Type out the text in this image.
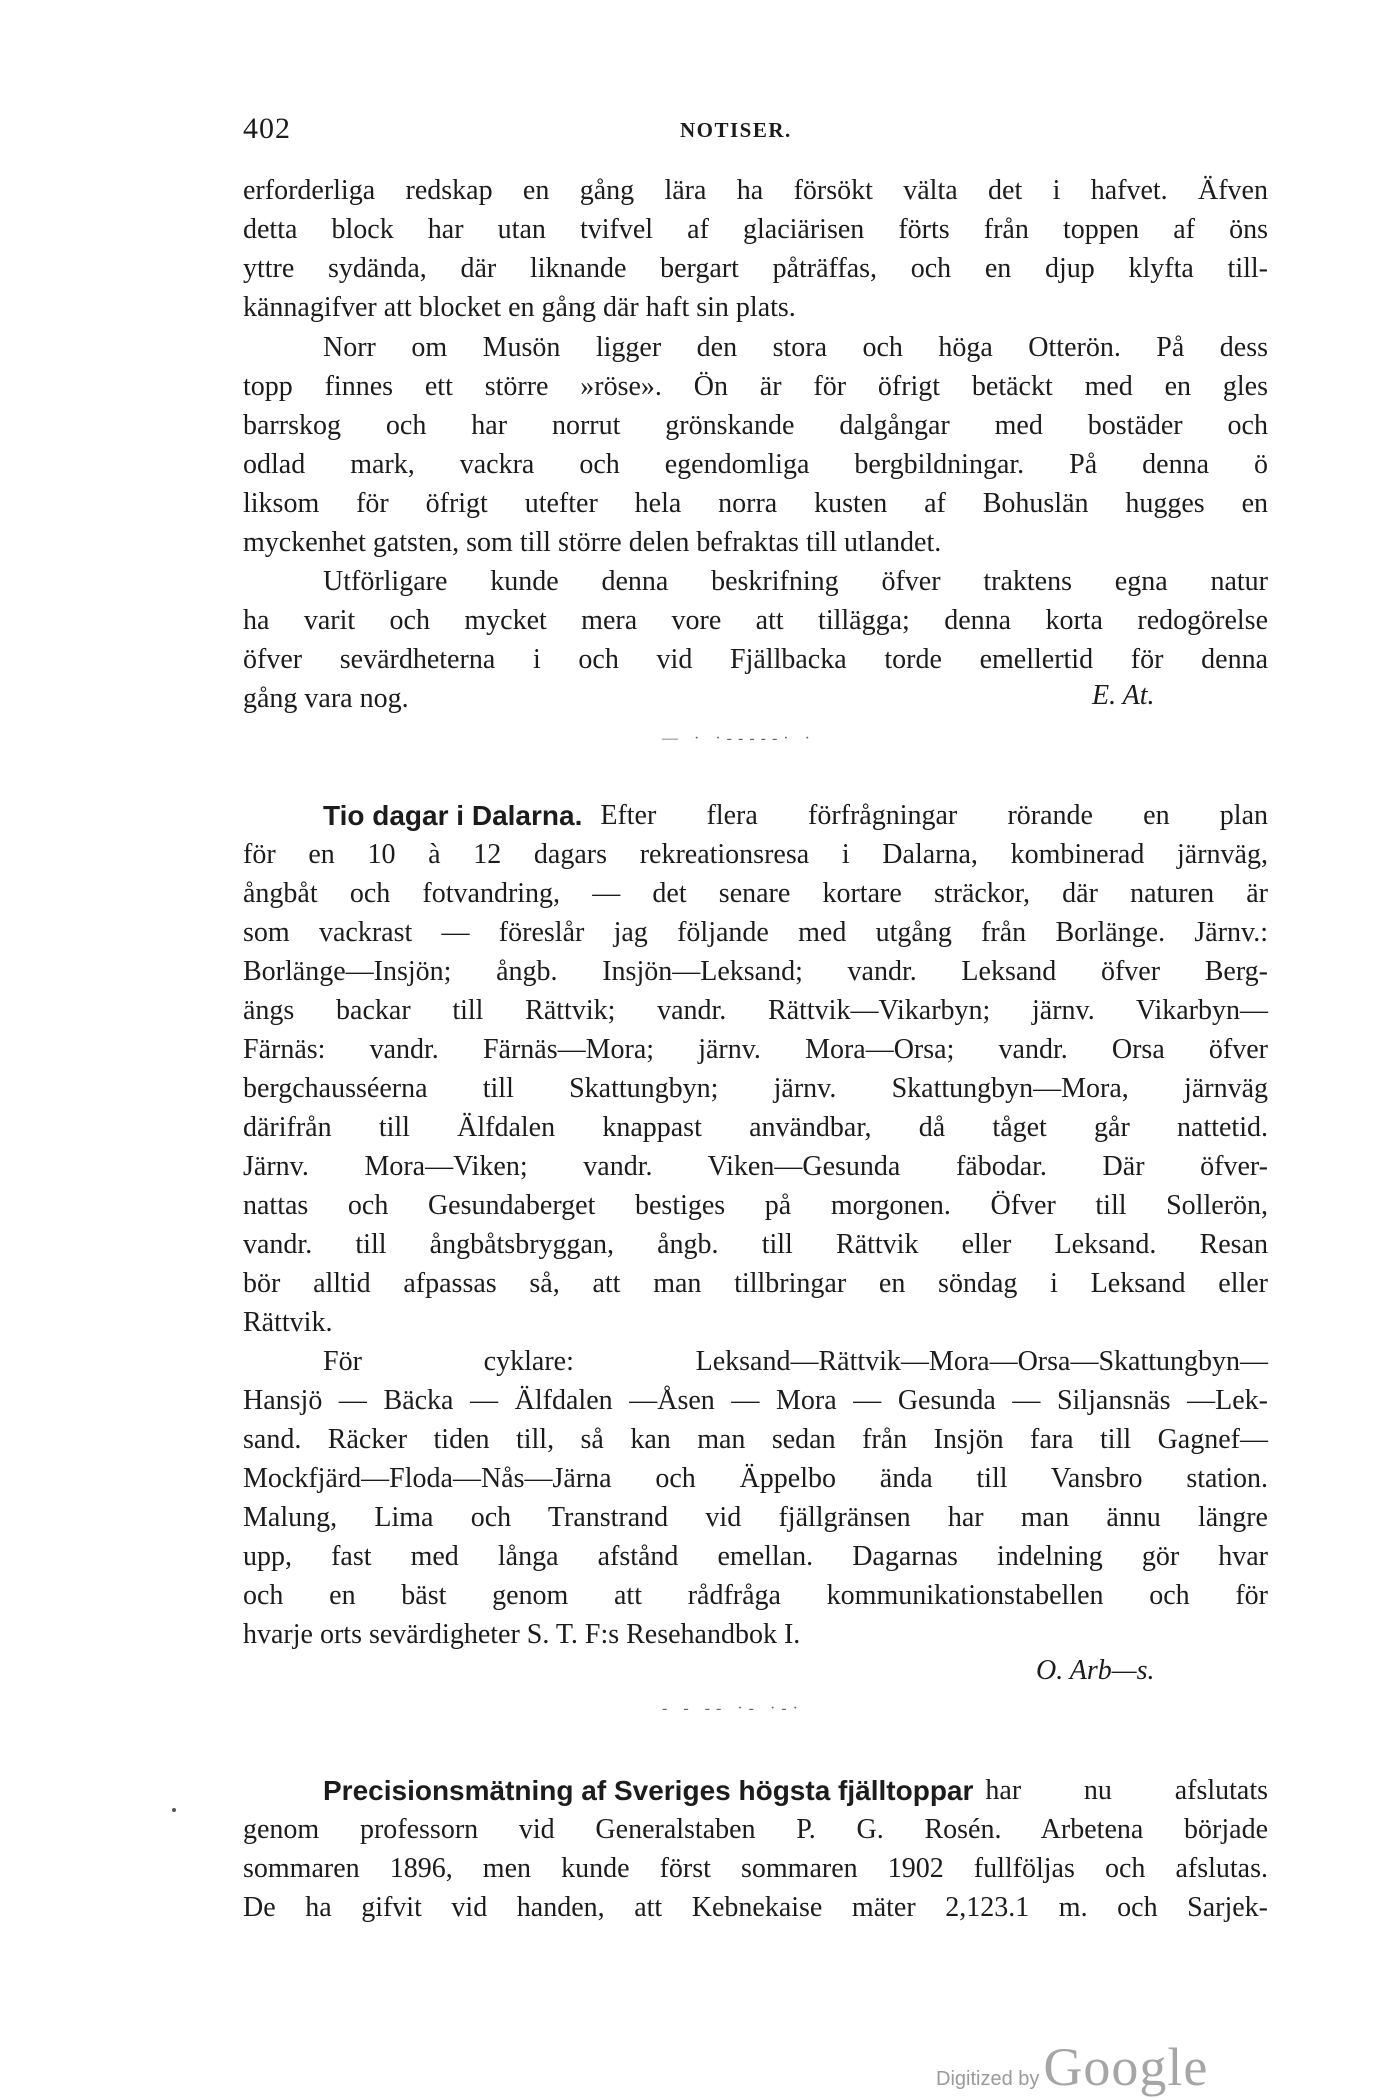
402	NOTISER.
erforderliga redskap en gång lära ha försökt välta det i hafvet. Äfven
detta block har utan tvifvel af glaciärisen förts från toppen af öns
yttre sydända, där liknande bergart påträffas, och en djup klyfta till-
kännagifver att blocket en gång där haft sin plats.
Norr om Musön ligger den stora och höga Otterön. På dess
topp finnes ett större »röse». Ön är för öfrigt betäckt med en gles
barrskog och har norrut grönskande dalgångar med bostäder och
odlad mark, vackra och egendomliga bergbildningar. På denna ö
liksom för öfrigt utefter hela norra kusten af Bohuslän hugges en
myckenhet gatsten, som till större delen befraktas till utlandet.
Utförligare kunde denna beskrifning öfver traktens egna natur
ha varit och mycket mera vore att tillägga; denna korta redogörelse
öfver sevärdheterna i och vid Fjällbacka torde emellertid för denna
gång vara nog.	E. At.
— · ·-----· ·
Tio dagar i Dalarna. Efter flera förfrågningar rörande en plan
för en 10 à 12 dagars rekreationsresa i Dalarna, kombinerad järnväg,
ångbåt och fotvandring, — det senare kortare sträckor, där naturen är
som vackrast — föreslår jag följande med utgång från Borlänge. Järnv.:
Borlänge—Insjön; ångb. Insjön—Leksand; vandr. Leksand öfver Berg-
ängs backar till Rättvik; vandr. Rättvik—Vikarbyn; järnv. Vikarbyn—
Färnäs: vandr. Färnäs—Mora; järnv. Mora—Orsa; vandr. Orsa öfver
bergchausséerna till Skattungbyn; järnv. Skattungbyn—Mora, järnväg
därifrån till Älfdalen knappast användbar, då tåget går nattetid.
Järnv. Mora—Viken; vandr. Viken—Gesunda fäbodar. Där öfver-
nattas och Gesundaberget bestiges på morgonen. Öfver till Sollerön,
vandr. till ångbåtsbryggan, ångb. till Rättvik eller Leksand. Resan
bör alltid afpassas så, att man tillbringar en söndag i Leksand eller
Rättvik.
För cyklare: Leksand—Rättvik—Mora—Orsa—Skattungbyn—
Hansjö — Bäcka — Älfdalen —Åsen — Mora — Gesunda — Siljansnäs —Lek-
sand. Räcker tiden till, så kan man sedan från Insjön fara till Gagnef—
Mockfjärd—Floda—Nås—Järna och Äppelbo ända till Vansbro station.
Malung, Lima och Transtrand vid fjällgränsen har man ännu längre
upp, fast med långa afstånd emellan. Dagarnas indelning gör hvar
och en bäst genom att rådfråga kommunikationstabellen och för
hvarje orts sevärdigheter S. T. F:s Resehandbok I.
O. Arb—s.
- - -- ·- ·-·
Precisionsmätning af Sveriges högsta fjälltoppar har nu afslutats
genom professorn vid Generalstaben P. G. Rosén. Arbetena började
sommaren 1896, men kunde först sommaren 1902 fullföljas och afslutas.
De ha gifvit vid handen, att Kebnekaise mäter 2,123.1 m. och Sarjek-
Digitized by Google
